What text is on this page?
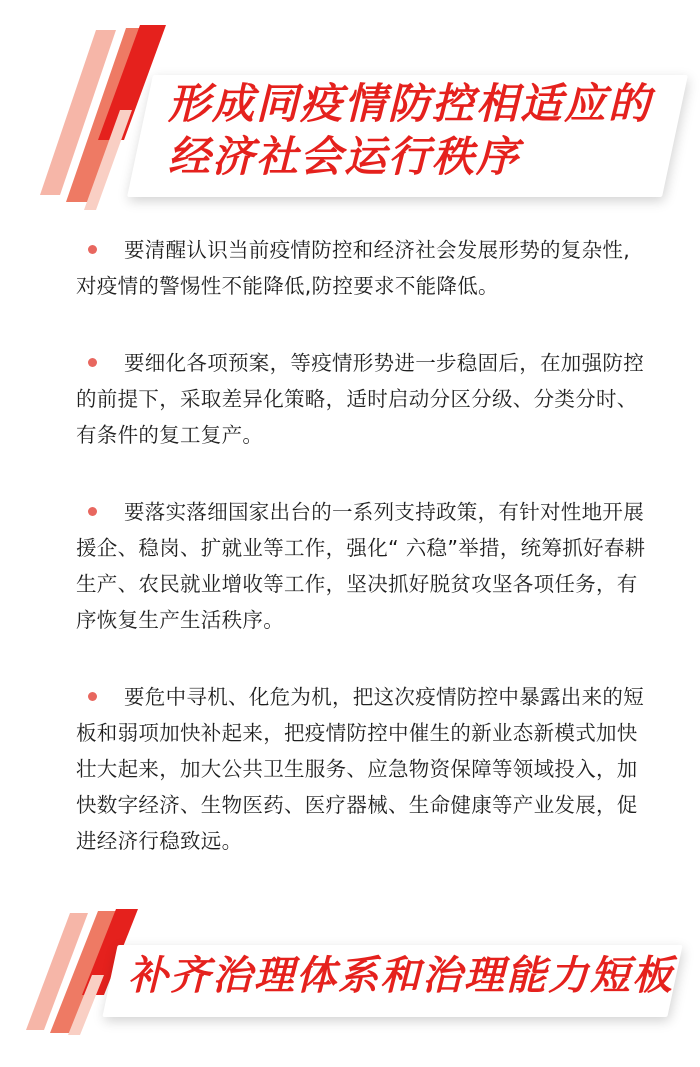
形成同疫情防控相适应的
经济社会运行秩序

要清醒认识当前疫情防控和经济社会发展形势的复杂性,对疫情的警惕性不能降低,防控要求不能降低。

要细化各项预案，等疫情形势进一步稳固后，在加强防控的前提下，采取差异化策略，适时启动分区分级、分类分时、有条件的复工复产。

要落实落细国家出台的一系列支持政策，有针对性地开展援企、稳岗、扩就业等工作，强化“ 六稳”举措，统筹抓好春耕生产、农民就业增收等工作，坚决抓好脱贫攻坚各项任务，有序恢复生产生活秩序。

要危中寻机、化危为机，把这次疫情防控中暴露出来的短板和弱项加快补起来，把疫情防控中催生的新业态新模式加快壮大起来，加大公共卫生服务、应急物资保障等领域投入，加快数字经济、生物医药、医疗器械、生命健康等产业发展，促进经济行稳致远。

补齐治理体系和治理能力短板
